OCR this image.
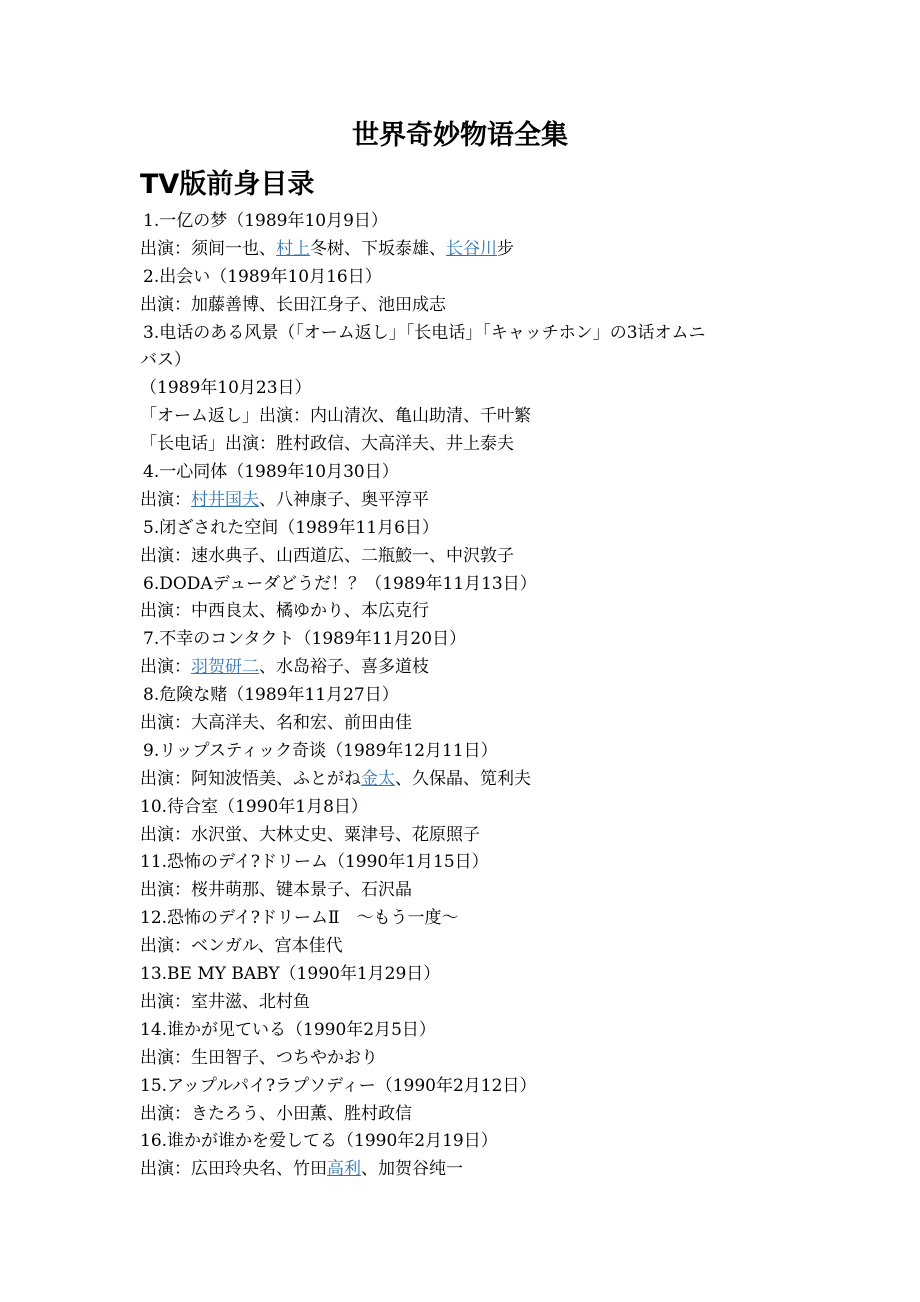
世界奇妙物语全集
TV版前身目录
1.一亿の梦（1989年10月9日）
出演：须间一也、村上冬树、下坂泰雄、长谷川步
2.出会い（1989年10月16日）
出演：加藤善博、长田江身子、池田成志
3.电话のある风景（「オーム返し」「长电话」「キャッチホン」の3话オムニ
バス）
（1989年10月23日）
「オーム返し」出演：内山清次、亀山助清、千叶繁
「长电话」出演：胜村政信、大高洋夫、井上泰夫
4.一心同体（1989年10月30日）
出演：村井国夫、八神康子、奥平淳平
5.闭ざされた空间（1989年11月6日）
出演：速水典子、山西道広、二瓶鮫一、中沢敦子
6.DODAデューダどうだ！？（1989年11月13日）
出演：中西良太、橘ゆかり、本広克行
7.不幸のコンタクト（1989年11月20日）
出演：羽贺研二、水岛裕子、喜多道枝
8.危険な赌（1989年11月27日）
出演：大高洋夫、名和宏、前田由佳
9.リップスティック奇谈（1989年12月11日）
出演：阿知波悟美、ふとがね金太、久保晶、笕利夫
10.待合室（1990年1月8日）
出演：水沢蛍、大林丈史、粟津号、花原照子
11.恐怖のデイ?ドリーム（1990年1月15日）
出演：桜井萌那、键本景子、石沢晶
12.恐怖のデイ?ドリームⅡ　～もう一度～
出演：ベンガル、宫本佳代
13.BE MY BABY（1990年1月29日）
出演：室井滋、北村鱼
14.谁かが见ている（1990年2月5日）
出演：生田智子、つちやかおり
15.アップルパイ?ラプソディー（1990年2月12日）
出演：きたろう、小田薫、胜村政信
16.谁かが谁かを爱してる（1990年2月19日）
出演：広田玲央名、竹田高利、加贺谷纯一
